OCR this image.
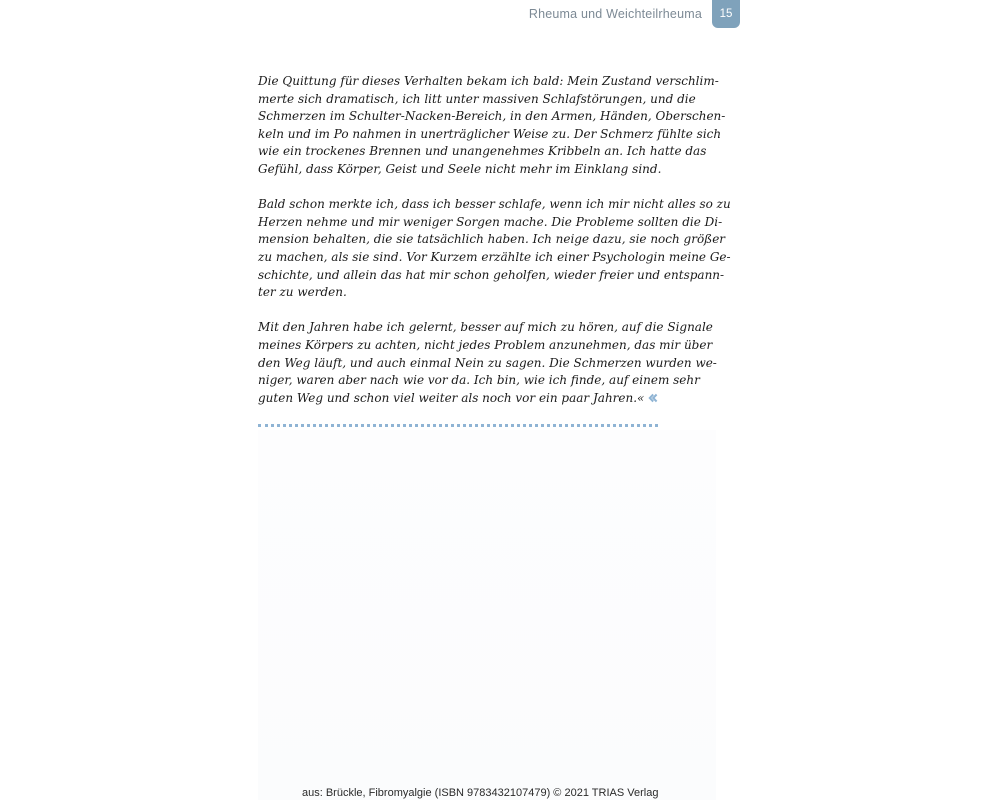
Rheuma und Weichteilrheuma	15

Die Quittung für dieses Verhalten bekam ich bald: Mein Zustand verschlim-
merte sich dramatisch, ich litt unter massiven Schlafstörungen, und die
Schmerzen im Schulter-Nacken-Bereich, in den Armen, Händen, Oberschen-
keln und im Po nahmen in unerträglicher Weise zu. Der Schmerz fühlte sich
wie ein trockenes Brennen und unangenehmes Kribbeln an. Ich hatte das
Gefühl, dass Körper, Geist und Seele nicht mehr im Einklang sind.

Bald schon merkte ich, dass ich besser schlafe, wenn ich mir nicht alles so zu
Herzen nehme und mir weniger Sorgen mache. Die Probleme sollten die Di-
mension behalten, die sie tatsächlich haben. Ich neige dazu, sie noch größer
zu machen, als sie sind. Vor Kurzem erzählte ich einer Psychologin meine Ge-
schichte, und allein das hat mir schon geholfen, wieder freier und entspann-
ter zu werden.

Mit den Jahren habe ich gelernt, besser auf mich zu hören, auf die Signale
meines Körpers zu achten, nicht jedes Problem anzunehmen, das mir über
den Weg läuft, und auch einmal Nein zu sagen. Die Schmerzen wurden we-
niger, waren aber nach wie vor da. Ich bin, wie ich finde, auf einem sehr
guten Weg und schon viel weiter als noch vor ein paar Jahren.«

aus: Brückle, Fibromyalgie (ISBN 9783432107479) © 2021 TRIAS Verlag
